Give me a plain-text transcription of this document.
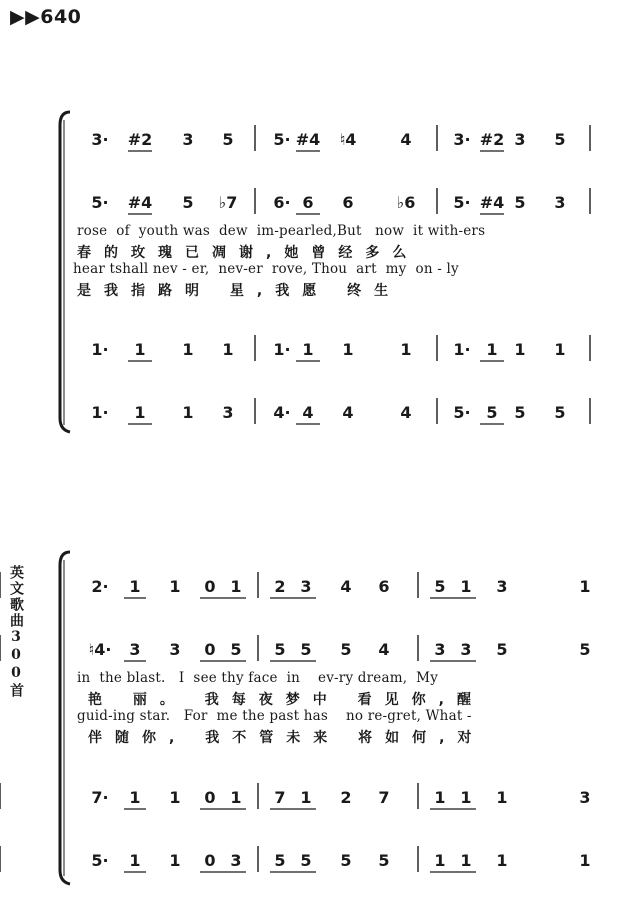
▶▶640
英文歌曲300首
3· #2 3 5 5· #4 ♮4	4	3· #2 3 5
5· #4 5 ♭7 6· 6 6	♭6 5· #4 5 3
1· 1 1 1 1· 1 1	1	1· 1 1 1
1· 1 1 3 4· 4 4	4	5· 5 5 5
2· 1 1 0 1 2 3 4 6	5 1 3	1
♮4· 3 3 0 5 5 5 5 4	3 3 5	5
7· 1 1 0 1 7 1 2 7	1 1 1	3
5· 1 1 0 3 5 5 5 5	1 1 1	1
rose  of  youth was  dew  im-pearled,But   now  it with-ers
春的玫瑰已凋谢,她曾经多么
hear tshall nev - er,  nev-er  rove, Thou  art  my  on - ly
是我指路明 星,我愿 终生
in  the blast.   I  see thy face  in    ev-ry dream,  My
艳 丽。 我每夜梦中 看见你,醒
guid-ing star.   For  me the past has    no re-gret, What -
伴随你, 我不管未来 将如何,对
